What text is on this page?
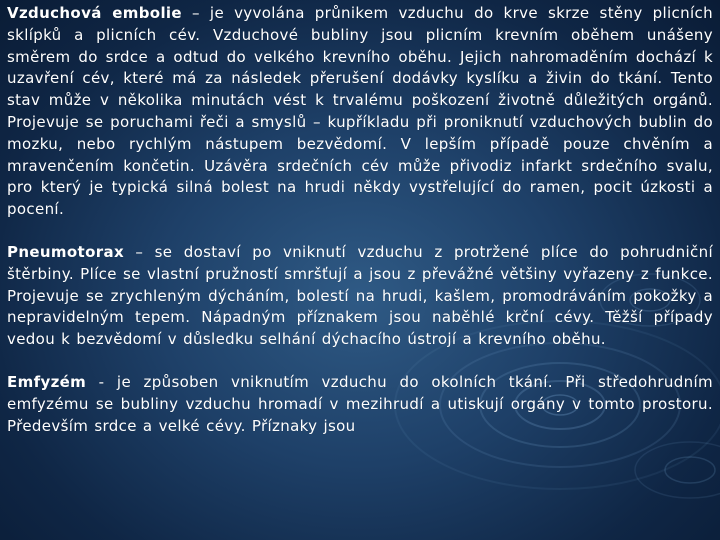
Vzduchová embolie – je vyvolána průnikem vzduchu do krve skrze stěny plicních sklípků a plicních cév. Vzduchové bubliny jsou plicním krevním oběhem unášeny směrem do srdce a odtud do velkého krevního oběhu. Jejich nahromaděním dochází k uzavření cév, které má za následek přerušení dodávky kyslíku a živin do tkání. Tento stav může v několika minutách vést k trvalému poškození životně důležitých orgánů. Projevuje se poruchami řeči a smyslů – kupříkladu při proniknutí vzduchových bublin do mozku, nebo rychlým nástupem bezvědomí. V lepším případě pouze chvěním a mravenčením končetin. Uzávěra srdečních cév může přivodiz infarkt srdečního svalu, pro který je typická silná bolest na hrudi někdy vystřelující do ramen, pocit úzkosti a pocení.

Pneumotorax – se dostaví po vniknutí vzduchu z protržené plíce do pohrudniční štěrbiny. Plíce se vlastní pružností smršťují a jsou z převážné většiny vyřazeny z funkce. Projevuje se zrychleným dýcháním, bolestí na hrudi, kašlem, promodráváním pokožky a nepravidelným tepem. Nápadným příznakem jsou naběhlé krční cévy. Těžší případy vedou k bezvědomí v důsledku selhání dýchacího ústrojí a krevního oběhu.

Emfyzém - je způsoben vniknutím vzduchu do okolních tkání. Při středohrudním emfyzému se bubliny vzduchu hromadí v mezihrudí a utiskují orgány v tomto prostoru. Především srdce a velké cévy. Příznaky jsou
